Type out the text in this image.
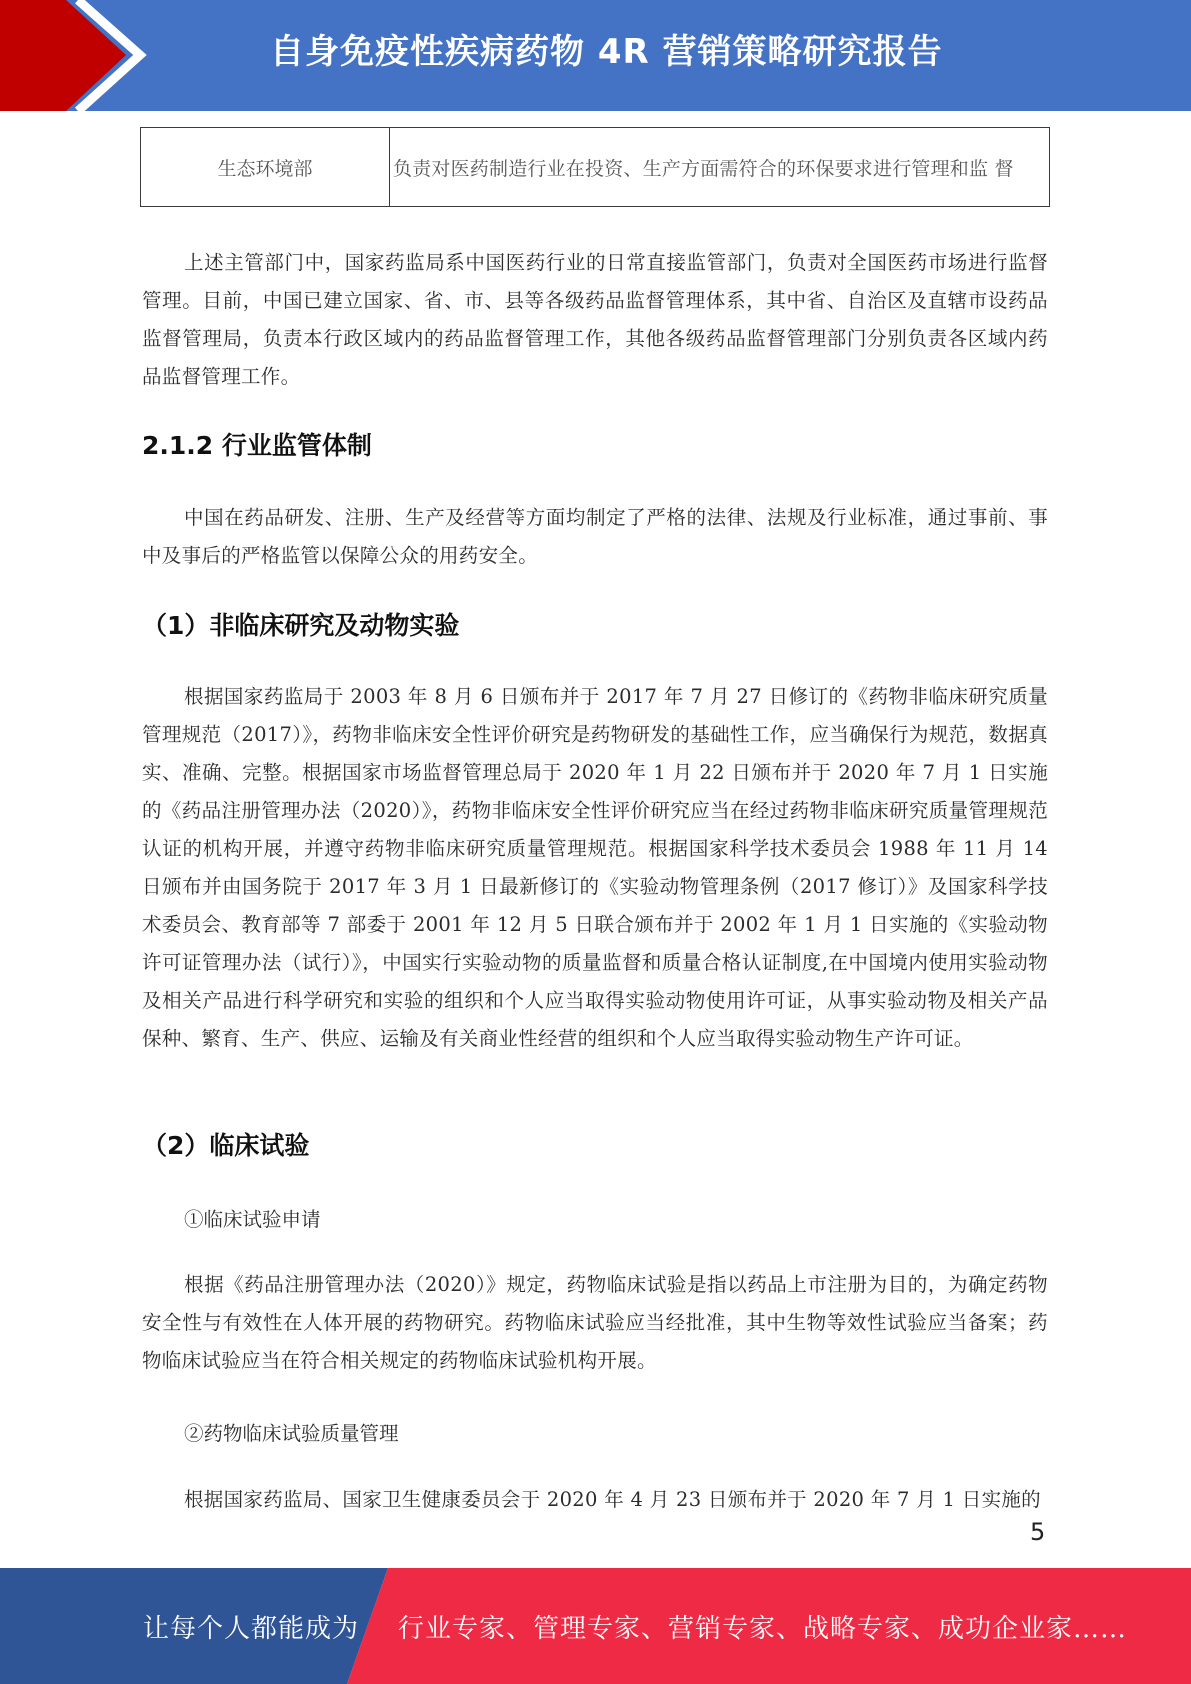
自身免疫性疾病药物 4R 营销策略研究报告
生态环境部	负责对医药制造行业在投资、生产方面需符合的环保要求进行管理和监 督

上述主管部门中，国家药监局系中国医药行业的日常直接监管部门，负责对全国医药市场进行监督管理。目前，中国已建立国家、省、市、县等各级药品监督管理体系，其中省、自治区及直辖市设药品监督管理局，负责本行政区域内的药品监督管理工作，其他各级药品监督管理部门分别负责各区域内药品监督管理工作。

2.1.2 行业监管体制

中国在药品研发、注册、生产及经营等方面均制定了严格的法律、法规及行业标准，通过事前、事中及事后的严格监管以保障公众的用药安全。

（1）非临床研究及动物实验

根据国家药监局于 2003 年 8 月 6 日颁布并于 2017 年 7 月 27 日修订的《药物非临床研究质量管理规范（2017）》，药物非临床安全性评价研究是药物研发的基础性工作，应当确保行为规范，数据真实、准确、完整。根据国家市场监督管理总局于 2020 年 1 月 22 日颁布并于 2020 年 7 月 1 日实施的《药品注册管理办法（2020）》，药物非临床安全性评价研究应当在经过药物非临床研究质量管理规范认证的机构开展，并遵守药物非临床研究质量管理规范。根据国家科学技术委员会 1988 年 11 月 14 日颁布并由国务院于 2017 年 3 月 1 日最新修订的《实验动物管理条例（2017 修订）》及国家科学技术委员会、教育部等 7 部委于 2001 年 12 月 5 日联合颁布并于 2002 年 1 月 1 日实施的《实验动物许可证管理办法（试行）》，中国实行实验动物的质量监督和质量合格认证制度,在中国境内使用实验动物及相关产品进行科学研究和实验的组织和个人应当取得实验动物使用许可证，从事实验动物及相关产品保种、繁育、生产、供应、运输及有关商业性经营的组织和个人应当取得实验动物生产许可证。

（2）临床试验

①临床试验申请

根据《药品注册管理办法（2020）》规定，药物临床试验是指以药品上市注册为目的，为确定药物安全性与有效性在人体开展的药物研究。药物临床试验应当经批准，其中生物等效性试验应当备案；药物临床试验应当在符合相关规定的药物临床试验机构开展。

②药物临床试验质量管理

根据国家药监局、国家卫生健康委员会于 2020 年 4 月 23 日颁布并于 2020 年 7 月 1 日实施的

5
让每个人都能成为 行业专家、管理专家、营销专家、战略专家、成功企业家……
